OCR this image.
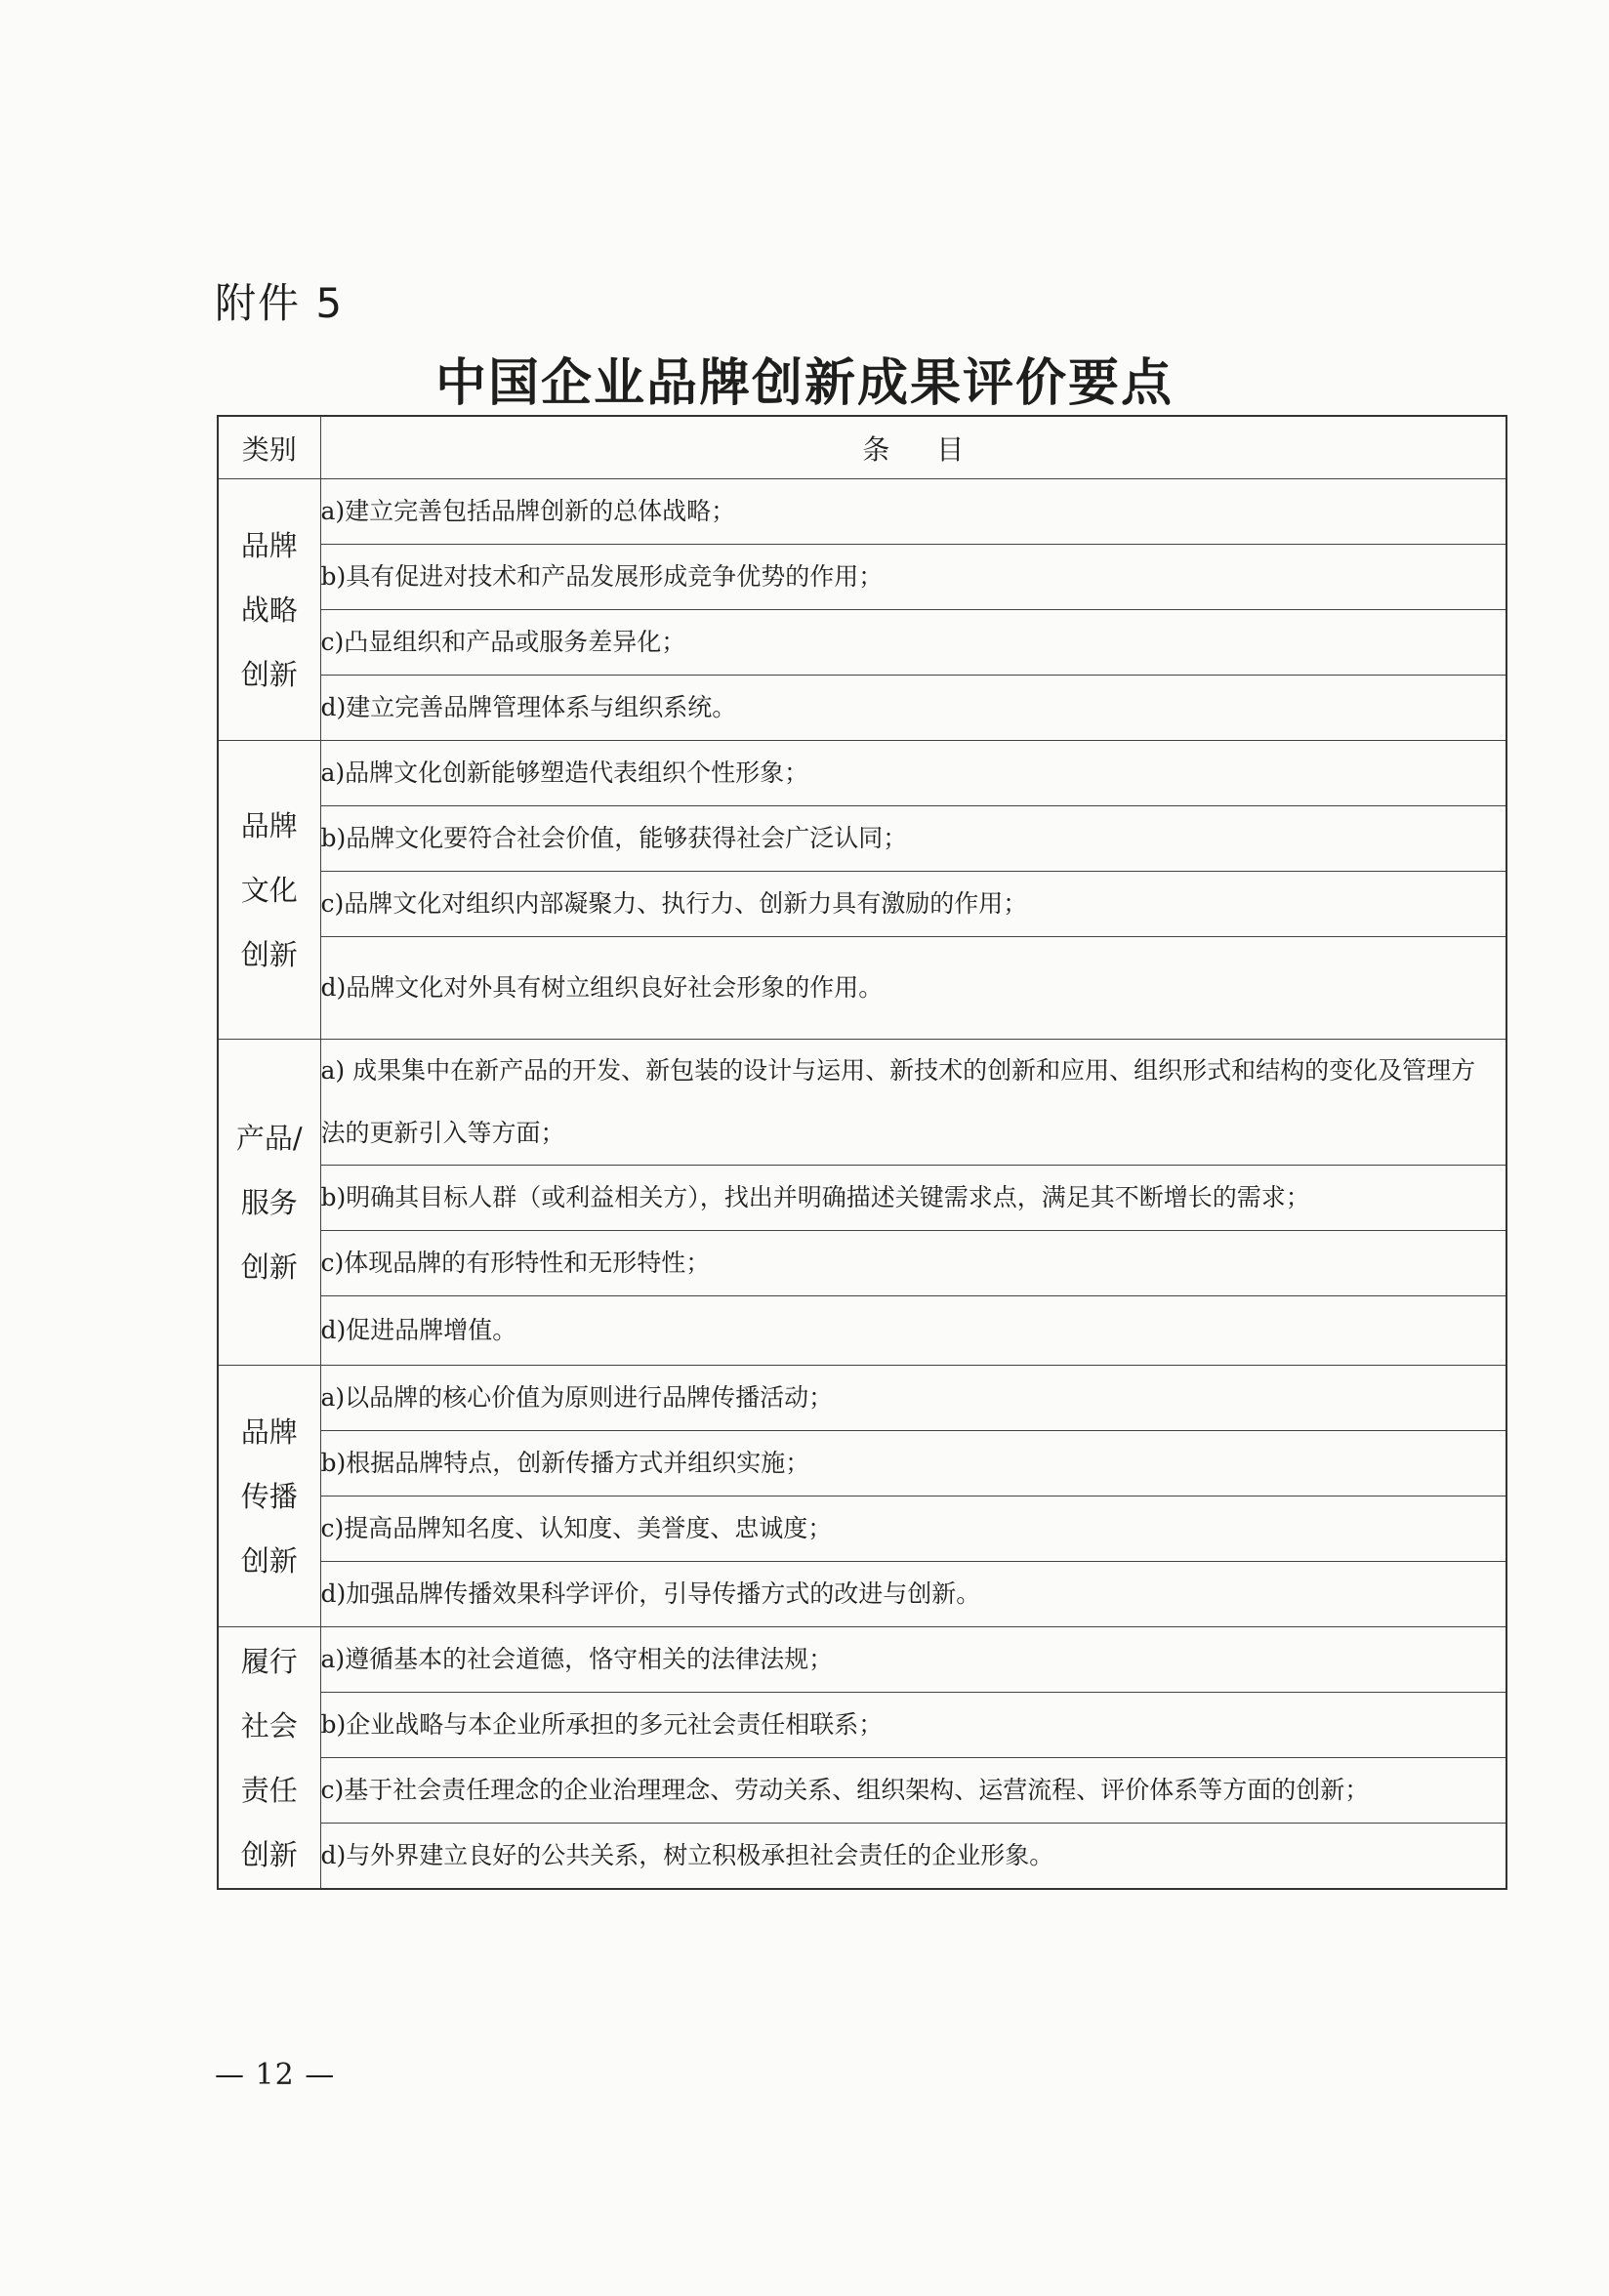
附件 5

中国企业品牌创新成果评价要点
类别	条目

品牌
战略
创新	a)建立完善包括品牌创新的总体战略；
	b)具有促进对技术和产品发展形成竞争优势的作用；
	c)凸显组织和产品或服务差异化；
	d)建立完善品牌管理体系与组织系统。

品牌
文化
创新	a)品牌文化创新能够塑造代表组织个性形象；
	b)品牌文化要符合社会价值，能够获得社会广泛认同；
	c)品牌文化对组织内部凝聚力、执行力、创新力具有激励的作用；
	d)品牌文化对外具有树立组织良好社会形象的作用。

产品/
服务
创新	a) 成果集中在新产品的开发、新包装的设计与运用、新技术的创新和应用、组织形式和结构的变化及管理方法的更新引入等方面；
	b)明确其目标人群（或利益相关方），找出并明确描述关键需求点，满足其不断增长的需求；
	c)体现品牌的有形特性和无形特性；
	d)促进品牌增值。

品牌
传播
创新	a)以品牌的核心价值为原则进行品牌传播活动；
	b)根据品牌特点，创新传播方式并组织实施；
	c)提高品牌知名度、认知度、美誉度、忠诚度；
	d)加强品牌传播效果科学评价，引导传播方式的改进与创新。

履行
社会
责任
创新	a)遵循基本的社会道德，恪守相关的法律法规；
	b)企业战略与本企业所承担的多元社会责任相联系；
	c)基于社会责任理念的企业治理理念、劳动关系、组织架构、运营流程、评价体系等方面的创新；
	d)与外界建立良好的公共关系，树立积极承担社会责任的企业形象。

— 12 —
